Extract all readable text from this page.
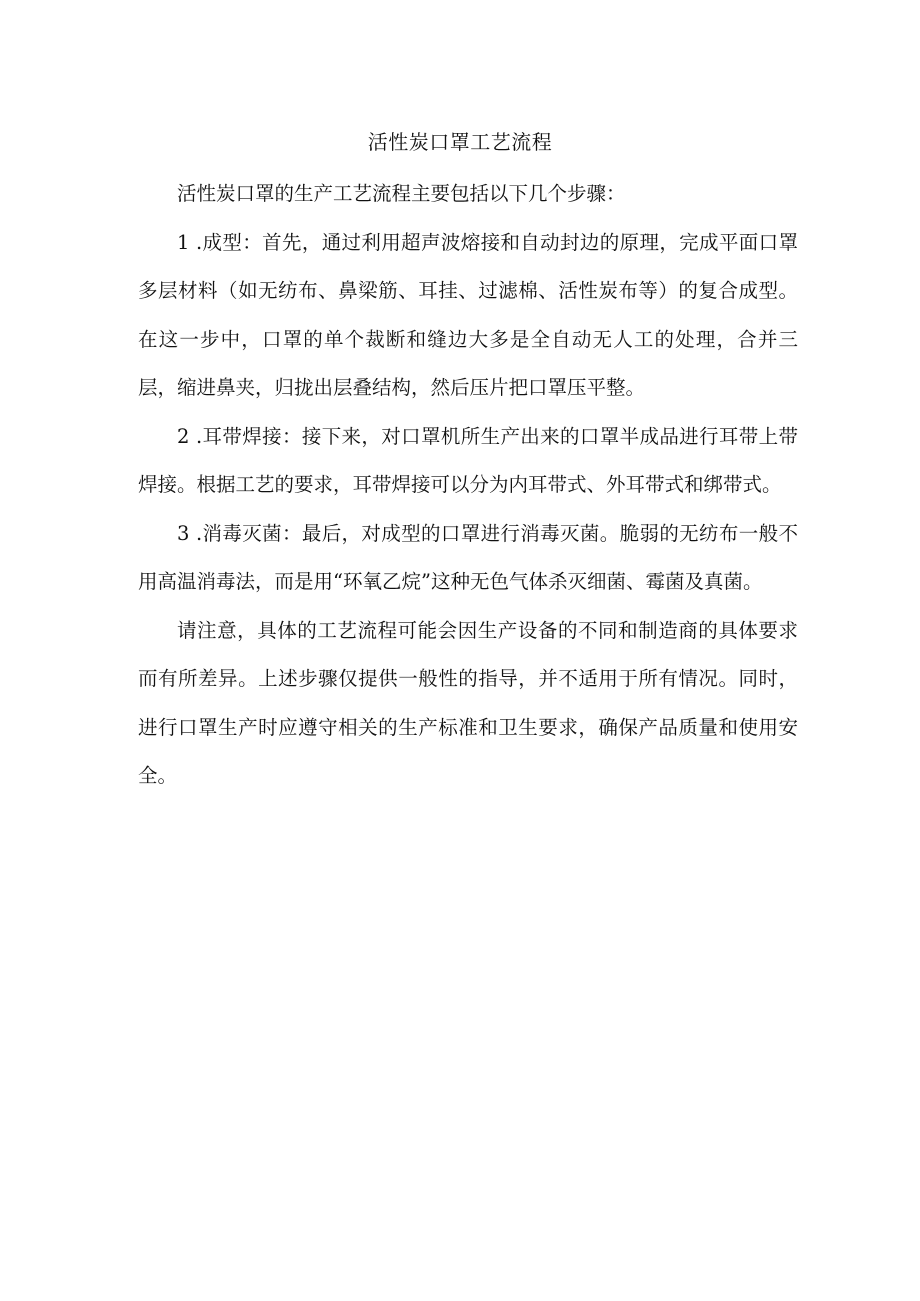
活性炭口罩工艺流程

活性炭口罩的生产工艺流程主要包括以下几个步骤：

1 .成型：首先，通过利用超声波熔接和自动封边的原理，完成平面口罩多层材料（如无纺布、鼻梁筋、耳挂、过滤棉、活性炭布等）的复合成型。在这一步中，口罩的单个裁断和缝边大多是全自动无人工的处理，合并三层，缩进鼻夹，归拢出层叠结构，然后压片把口罩压平整。

2 .耳带焊接：接下来，对口罩机所生产出来的口罩半成品进行耳带上带焊接。根据工艺的要求，耳带焊接可以分为内耳带式、外耳带式和绑带式。

3 .消毒灭菌：最后，对成型的口罩进行消毒灭菌。脆弱的无纺布一般不用高温消毒法，而是用“环氧乙烷”这种无色气体杀灭细菌、霉菌及真菌。

请注意，具体的工艺流程可能会因生产设备的不同和制造商的具体要求而有所差异。上述步骤仅提供一般性的指导，并不适用于所有情况。同时，进行口罩生产时应遵守相关的生产标准和卫生要求，确保产品质量和使用安全。
